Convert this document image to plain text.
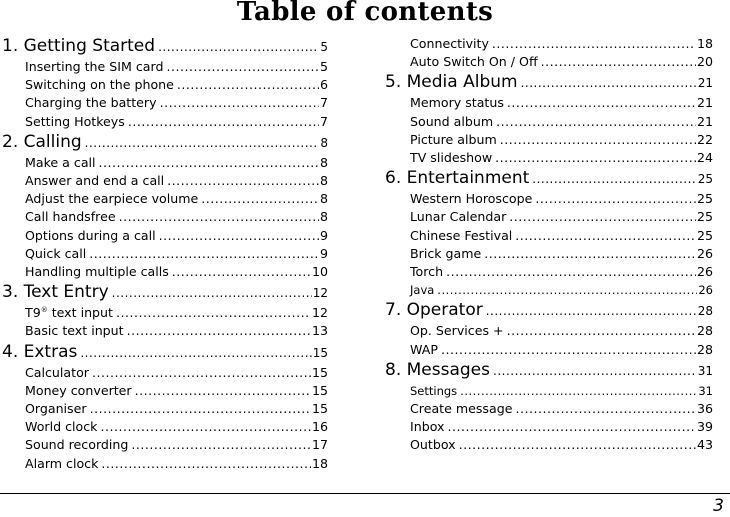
Table of contents
1. Getting Started .....	5
Inserting the SIM card .....	5
Switching on the phone .....	6
Charging the battery .....	7
Setting Hotkeys .....	7
2. Calling .....	8
Make a call .....	8
Answer and end a call .....	8
Adjust the earpiece volume .....	8
Call handsfree .....	8
Options during a call .....	9
Quick call .....	9
Handling multiple calls .....	10
3. Text Entry .....	12
T9® text input .....	12
Basic text input .....	13
4. Extras .....	15
Calculator .....	15
Money converter .....	15
Organiser .....	15
World clock .....	16
Sound recording .....	17
Alarm clock .....	18
Connectivity .....	18
Auto Switch On / Off .....	20
5. Media Album .....	21
Memory status .....	21
Sound album .....	21
Picture album .....	22
TV slideshow .....	24
6. Entertainment .....	25
Western Horoscope .....	25
Lunar Calendar .....	25
Chinese Festival .....	25
Brick game .....	26
Torch .....	26
Java .....	26
7. Operator .....	28
Op. Services + .....	28
WAP .....	28
8. Messages .....	31
Settings .....	31
Create message .....	36
Inbox .....	39
Outbox .....	43
3
